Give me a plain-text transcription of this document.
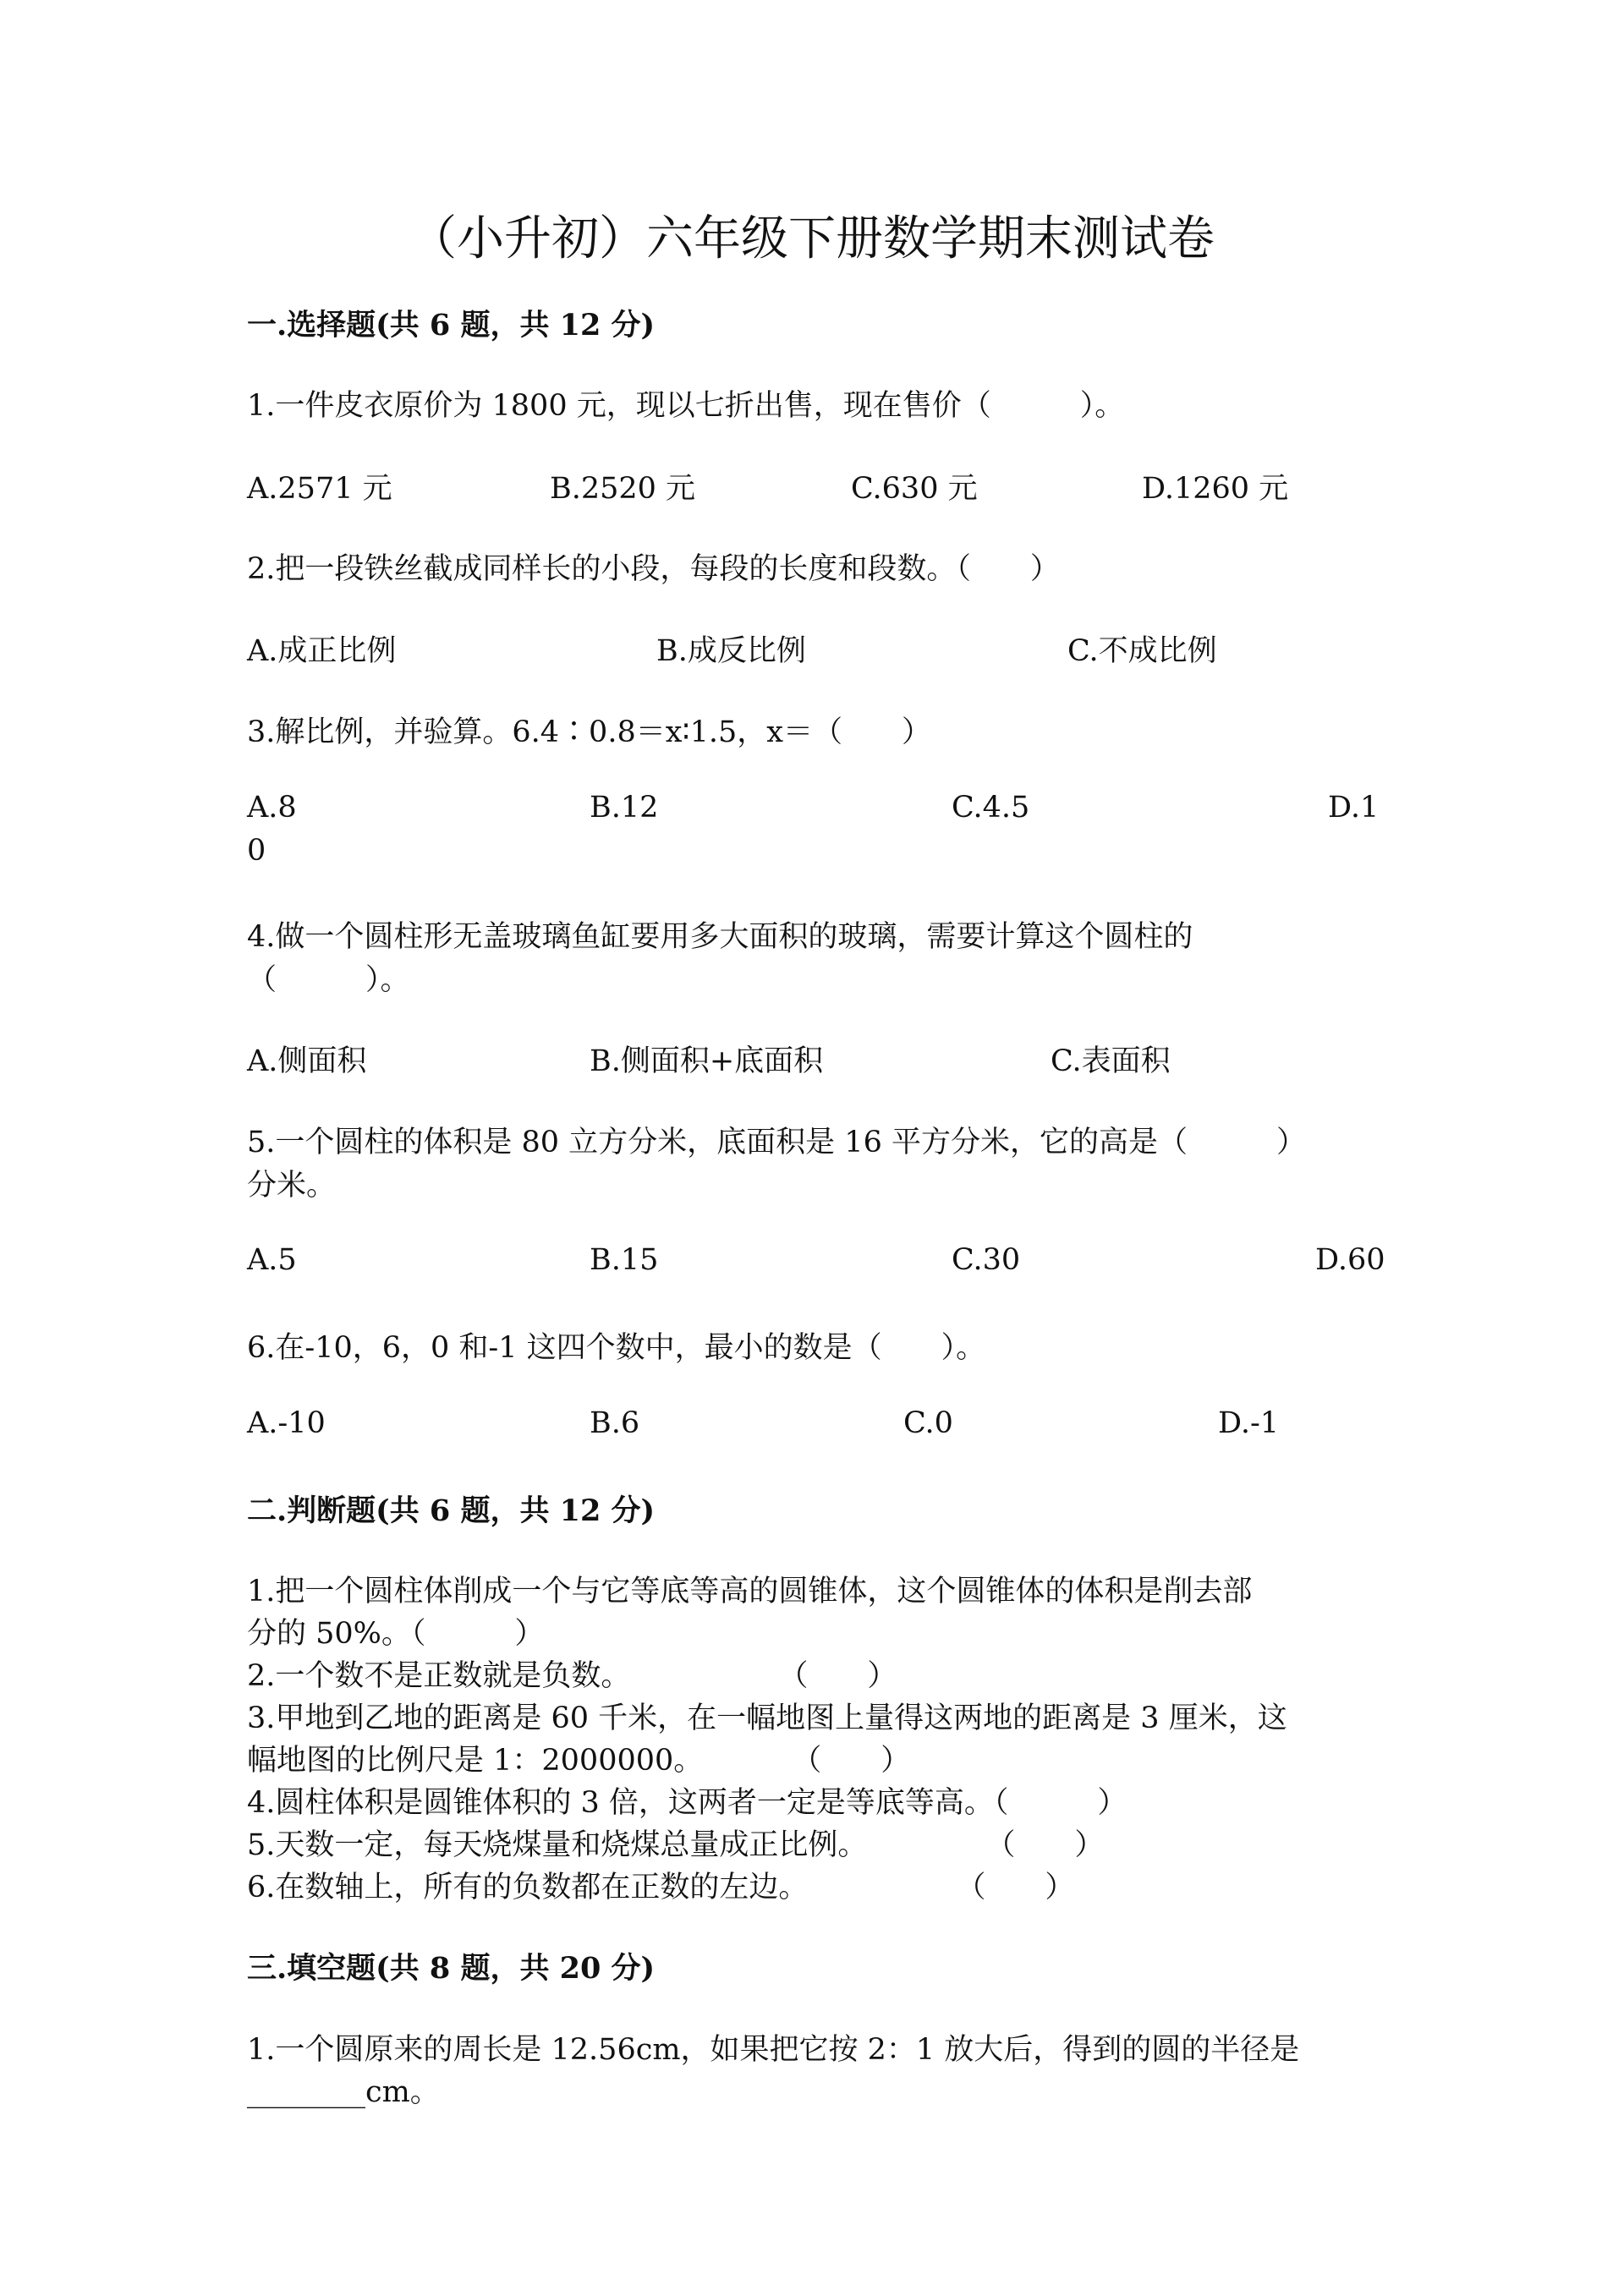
（小升初）六年级下册数学期末测试卷
一.选择题(共 6 题，共 12 分)
1.一件皮衣原价为 1800 元，现以七折出售，现在售价（　　　）。
A.2571 元	B.2520 元	C.630 元	D.1260 元
2.把一段铁丝截成同样长的小段，每段的长度和段数。（　　）
A.成正比例	B.成反比例	C.不成比例
3.解比例，并验算。6.4∶0.8＝x∶1.5，x＝（　　）
A.8	B.12	C.4.5	D.1
0
4.做一个圆柱形无盖玻璃鱼缸要用多大面积的玻璃，需要计算这个圆柱的
（　　　）。
A.侧面积	B.侧面积+底面积	C.表面积
5.一个圆柱的体积是 80 立方分米，底面积是 16 平方分米，它的高是（　　　）
分米。
A.5	B.15	C.30	D.60
6.在-10，6，0 和-1 这四个数中，最小的数是（　　）。
A.-10	B.6	C.0	D.-1
二.判断题(共 6 题，共 12 分)
1.把一个圆柱体削成一个与它等底等高的圆锥体，这个圆锥体的体积是削去部
分的 50%。（　　　）
2.一个数不是正数就是负数。　　　　　　（　　）
3.甲地到乙地的距离是 60 千米，在一幅地图上量得这两地的距离是 3 厘米，这
幅地图的比例尺是 1：2000000。　　　　（　　）
4.圆柱体积是圆锥体积的 3 倍，这两者一定是等底等高。（　　　）
5.天数一定，每天烧煤量和烧煤总量成正比例。　　　　　（　　）
6.在数轴上，所有的负数都在正数的左边。　　　　　　（　　）
三.填空题(共 8 题，共 20 分)
1.一个圆原来的周长是 12.56cm，如果把它按 2：1 放大后，得到的圆的半径是
________cm。
